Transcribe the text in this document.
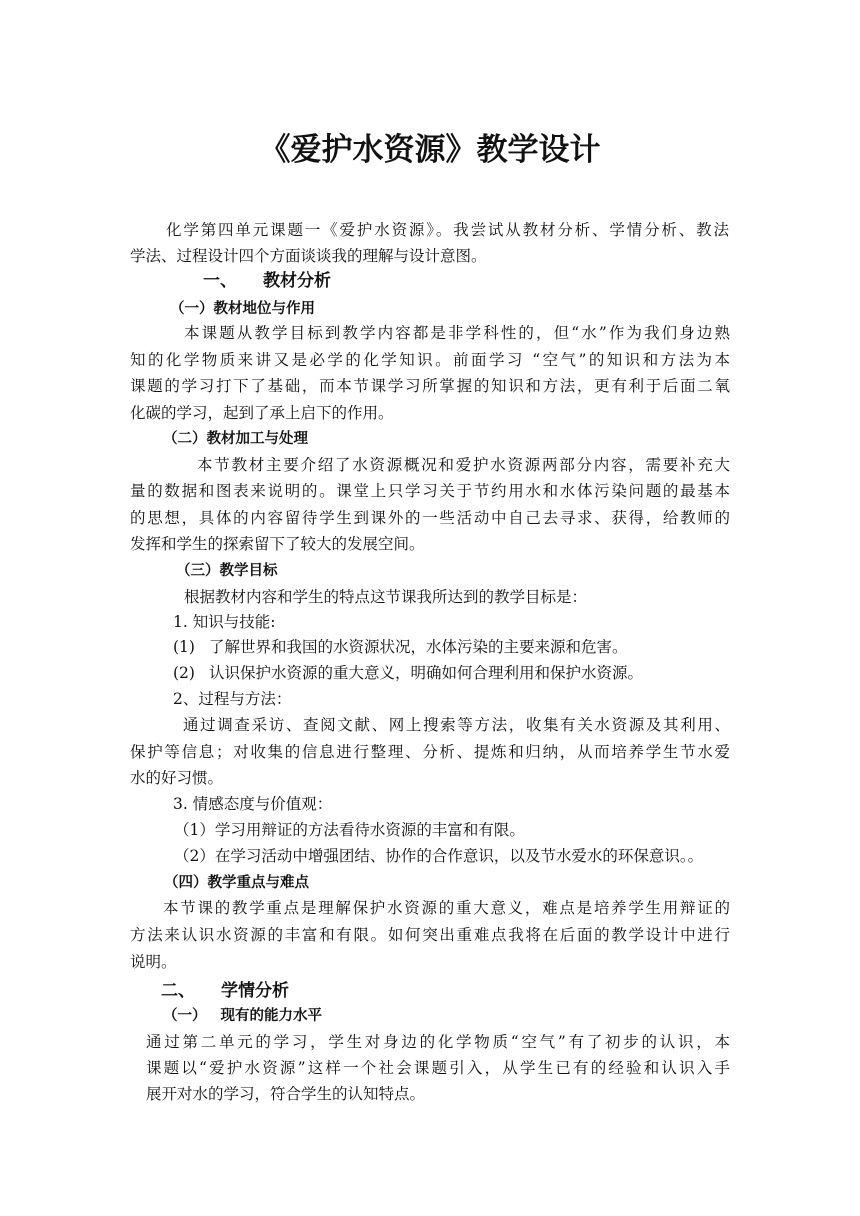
《爱护水资源》教学设计
化学第四单元课题一《爱护水资源》。我尝试从教材分析、学情分析、教法
学法、过程设计四个方面谈谈我的理解与设计意图。
一、 教材分析
（一）教材地位与作用
本课题从教学目标到教学内容都是非学科性的，但“水”作为我们身边熟
知的化学物质来讲又是必学的化学知识。前面学习 “空气”的知识和方法为本
课题的学习打下了基础，而本节课学习所掌握的知识和方法，更有利于后面二氧
化碳的学习，起到了承上启下的作用。
（二）教材加工与处理
本节教材主要介绍了水资源概况和爱护水资源两部分内容，需要补充大
量的数据和图表来说明的。课堂上只学习关于节约用水和水体污染问题的最基本
的思想，具体的内容留待学生到课外的一些活动中自己去寻求、获得，给教师的
发挥和学生的探索留下了较大的发展空间。
（三）教学目标
根据教材内容和学生的特点这节课我所达到的教学目标是：
1. 知识与技能:
(1) 了解世界和我国的水资源状况，水体污染的主要来源和危害。
(2) 认识保护水资源的重大意义，明确如何合理利用和保护水资源。
2、过程与方法：
通过调查采访、查阅文献、网上搜索等方法，收集有关水资源及其利用、
保护等信息；对收集的信息进行整理、分析、提炼和归纳，从而培养学生节水爱
水的好习惯。
3. 情感态度与价值观：
（1）学习用辩证的方法看待水资源的丰富和有限。
（2）在学习活动中增强团结、协作的合作意识，以及节水爱水的环保意识。。
（四）教学重点与难点
本节课的教学重点是理解保护水资源的重大意义，难点是培养学生用辩证的
方法来认识水资源的丰富和有限。如何突出重难点我将在后面的教学设计中进行
说明。
二、 学情分析
（一） 现有的能力水平
通过第二单元的学习，学生对身边的化学物质“空气”有了初步的认识，本
课题以“爱护水资源”这样一个社会课题引入，从学生已有的经验和认识入手
展开对水的学习，符合学生的认知特点。
